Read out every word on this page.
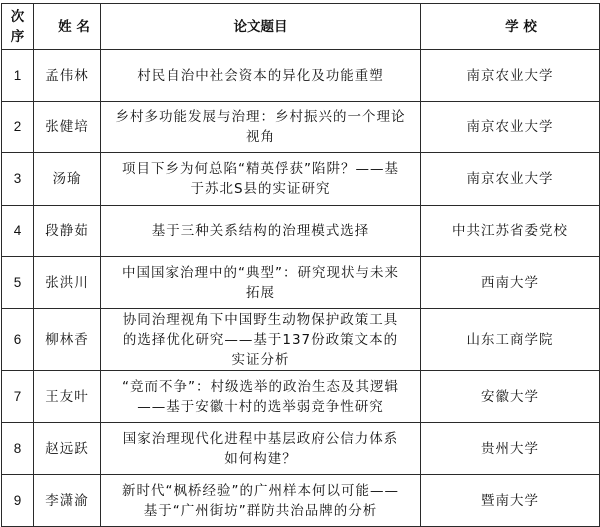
次序	姓 名	论文题目	学 校
1	孟伟林	村民自治中社会资本的异化及功能重塑	南京农业大学
2	张健培	乡村多功能发展与治理：乡村振兴的一个理论
视角	南京农业大学
3	汤瑜	项目下乡为何总陷“精英俘获”陷阱？——基
于苏北S县的实证研究	南京农业大学
4	段静茹	基于三种关系结构的治理模式选择	中共江苏省委党校
5	张洪川	中国国家治理中的“典型”：研究现状与未来
拓展	西南大学
6	柳林香	协同治理视角下中国野生动物保护政策工具
的选择优化研究——基于137份政策文本的
实证分析	山东工商学院
7	王友叶	“竞而不争”：村级选举的政治生态及其逻辑
——基于安徽十村的选举弱竞争性研究	安徽大学
8	赵远跃	国家治理现代化进程中基层政府公信力体系
如何构建？	贵州大学
9	李潇渝	新时代“枫桥经验”的广州样本何以可能——
基于“广州街坊”群防共治品牌的分析	暨南大学
